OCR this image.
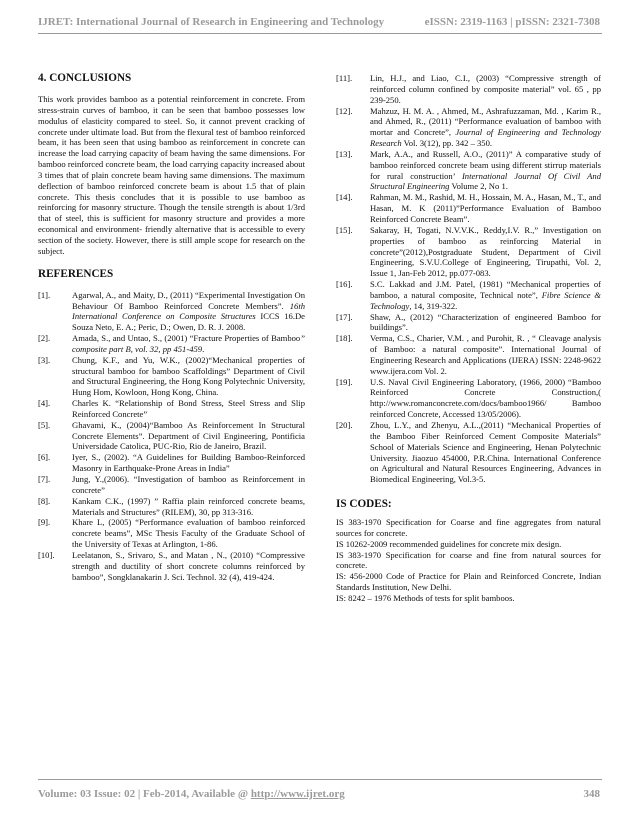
IJRET: International Journal of Research in Engineering and Technology	eISSN: 2319-1163 | pISSN: 2321-7308
4. CONCLUSIONS

This work provides bamboo as a potential reinforcement in concrete. From stress-strain curves of bamboo, it can be seen that bamboo possesses low modulus of elasticity compared to steel. So, it cannot prevent cracking of concrete under ultimate load. But from the flexural test of bamboo reinforced beam, it has been seen that using bamboo as reinforcement in concrete can increase the load carrying capacity of beam having the same dimensions. For bamboo reinforced concrete beam, the load carrying capacity increased about 3 times that of plain concrete beam having same dimensions. The maximum deflection of bamboo reinforced concrete beam is about 1.5 that of plain concrete. This thesis concludes that it is possible to use bamboo as reinforcing for masonry structure. Though the tensile strength is about 1/3rd that of steel, this is sufficient for masonry structure and provides a more economical and environment- friendly alternative that is accessible to every section of the society. However, there is still ample scope for research on the subject.

REFERENCES
[1].	Agarwal, A., and Maity, D., (2011) “Experimental Investigation On Behaviour Of Bamboo Reinforced Concrete Members”. 16th International Conference on Composite Structures ICCS 16.De Souza Neto, E. A.; Peric, D.; Owen, D. R. J. 2008.
[2].	Amada, S., and Untao, S., (2001) “Fracture Properties of Bamboo” composite part B, vol. 32, pp 451-459.
[3].	Chung, K.F., and Yu, W.K., (2002)“Mechanical properties of structural bamboo for bamboo Scaffoldings” Department of Civil and Structural Engineering, the Hong Kong Polytechnic University, Hung Hom, Kowloon, Hong Kong, China.
[4].	Charles K. “Relationship of Bond Stress, Steel Stress and Slip Reinforced Concrete”
[5].	Ghavami, K., (2004)“Bamboo As Reinforcement In Structural Concrete Elements”. Department of Civil Engineering, Pontificia Universidade Catolica, PUC-Rio, Rio de Janeiro, Brazil.
[6].	Iyer, S., (2002). “A Guidelines for Building Bamboo-Reinforced Masonry in Earthquake-Prone Areas in India”
[7].	Jung, Y.,(2006). “Investigation of bamboo as Reinforcement in concrete”
[8].	Kankam C.K., (1997) ” Raffia plain reinforced concrete beams, Materials and Structures” (RILEM), 30, pp 313-316.
[9].	Khare L, (2005) “Performance evaluation of bamboo reinforced concrete beams”, MSc Thesis Faculty of the Graduate School of the University of Texas at Arlington, 1-86.
[10].	Leelatanon, S., Srivaro, S., and Matan , N., (2010) “Compressive strength and ductility of short concrete columns reinforced by bamboo”, Songklanakarin J. Sci. Technol. 32 (4), 419-424.
[11].	Lin, H.J., and Liao, C.I., (2003) “Compressive strength of reinforced column confined by composite material” vol. 65 , pp 239-250.
[12].	Mahzuz, H. M. A. , Ahmed, M., Ashrafuzzaman, Md. , Karim R., and Ahmed, R., (2011) “Performance evaluation of bamboo with mortar and Concrete”, Journal of Engineering and Technology Research Vol. 3(12), pp. 342 – 350.
[13].	Mark, A.A., and Russell, A.O., (2011)” A comparative study of bamboo reinforced concrete beam using different stirrup materials for rural construction’ International Journal Of Civil And Structural Engineering Volume 2, No 1.
[14].	Rahman, M. M., Rashid, M. H., Hossain, M. A., Hasan, M., T., and Hasan, M. K (2011)”Performance Evaluation of Bamboo Reinforced Concrete Beam”.
[15].	Sakaray, H, Togati, N.V.V.K., Reddy,I.V. R.,” Investigation on properties of bamboo as reinforcing Material in concrete”(2012),Postgraduate Student, Department of Civil Engineering, S.V.U.College of Engineering, Tirupathi, Vol. 2, Issue 1, Jan-Feb 2012, pp.077-083.
[16].	S.C. Lakkad and J.M. Patel, (1981) “Mechanical properties of bamboo, a natural composite, Technical note”, Fibre Science & Technology, 14, 319-322.
[17].	Shaw, A., (2012) “Characterization of engineered Bamboo for buildings”.
[18].	Verma, C.S., Charier, V.M. , and Purohit, R. , “ Cleavage analysis of Bamboo: a natural composite”. International Journal of Engineering Research and Applications (IJERA) ISSN: 2248-9622 www.ijera.com Vol. 2.
[19].	U.S. Naval Civil Engineering Laboratory, (1966, 2000) “Bamboo Reinforced Concrete Construction,( http://www.romanconcrete.com/docs/bamboo1966/ Bamboo reinforced Concrete, Accessed 13/05/2006).
[20].	Zhou, L.Y., and Zhenyu, A.L.,(2011) “Mechanical Properties of the Bamboo Fiber Reinforced Cement Composite Materials” School of Materials Science and Engineering, Henan Polytechnic University. Jiaozuo 454000, P.R.China. International Conference on Agricultural and Natural Resources Engineering, Advances in Biomedical Engineering, Vol.3-5.
IS CODES:
IS 383-1970 Specification for Coarse and fine aggregates from natural sources for concrete.
IS 10262-2009 recommended guidelines for concrete mix design.
IS 383-1970 Specification for coarse and fine from natural sources for concrete.
IS: 456-2000 Code of Practice for Plain and Reinforced Concrete, Indian Standards Institution, New Delhi.
IS: 8242 – 1976 Methods of tests for split bamboos.
Volume: 03 Issue: 02 | Feb-2014, Available @ http://www.ijret.org	348
